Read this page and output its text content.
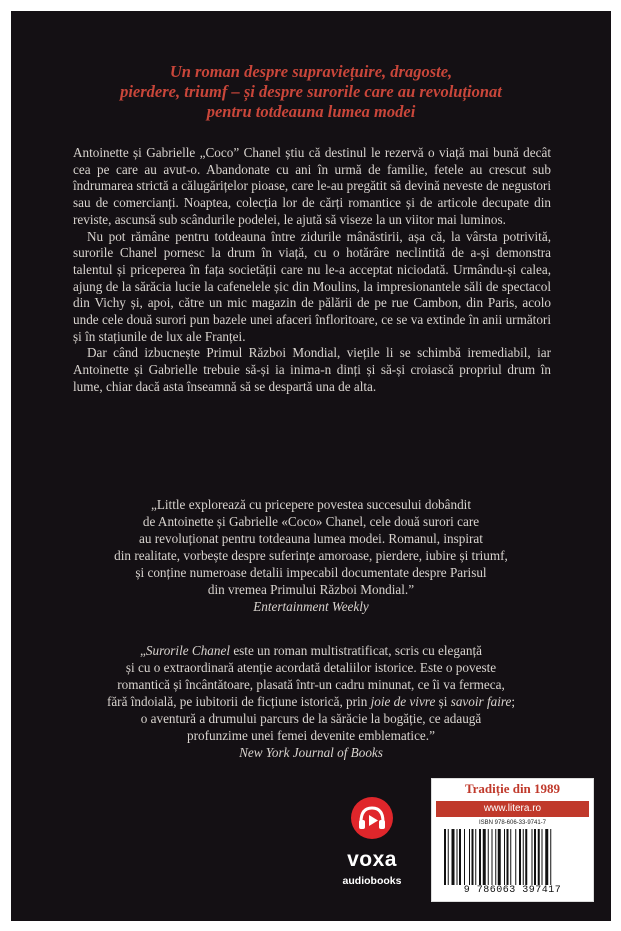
Un roman despre supraviețuire, dragoste,
pierdere, triumf – și despre surorile care au revoluționat
pentru totdeauna lumea modei

Antoinette și Gabrielle „Coco” Chanel știu că destinul le rezervă o viață mai bună decât cea pe care au avut-o. Abandonate cu ani în urmă de familie, fetele au crescut sub îndrumarea strictă a călugărițelor pioase, care le-au pregătit să devină neveste de negustori sau de comercianți. Noaptea, colecția lor de cărți romantice și de articole decupate din reviste, ascunsă sub scândurile podelei, le ajută să viseze la un viitor mai luminos.

Nu pot rămâne pentru totdeauna între zidurile mânăstirii, așa că, la vârsta potrivită, surorile Chanel pornesc la drum în viață, cu o hotărâre neclintită de a-și demonstra talentul și priceperea în fața societății care nu le-a acceptat niciodată. Urmându-și calea, ajung de la sărăcia lucie la cafenelele șic din Moulins, la impresionantele săli de spectacol din Vichy și, apoi, către un mic magazin de pălării de pe rue Cambon, din Paris, acolo unde cele două surori pun bazele unei afaceri înfloritoare, ce se va extinde în anii următori și în stațiunile de lux ale Franței.

Dar când izbucnește Primul Război Mondial, viețile li se schimbă iremediabil, iar Antoinette și Gabrielle trebuie să-și ia inima-n dinți și să-și croiască propriul drum în lume, chiar dacă asta înseamnă să se despartă una de alta.

„Little explorează cu pricepere povestea succesului dobândit
de Antoinette și Gabrielle «Coco» Chanel, cele două surori care
au revoluționat pentru totdeauna lumea modei. Romanul, inspirat
din realitate, vorbește despre suferințe amoroase, pierdere, iubire și triumf,
și conține numeroase detalii impecabil documentate despre Parisul
din vremea Primului Război Mondial.”
Entertainment Weekly
„Surorile Chanel este un roman multistratificat, scris cu eleganță
și cu o extraordinară atenție acordată detaliilor istorice. Este o poveste
romantică și încântătoare, plasată într-un cadru minunat, ce îi va fermeca,
fără îndoială, pe iubitorii de ficțiune istorică, prin joie de vivre și savoir faire;
o aventură a drumului parcurs de la sărăcie la bogăție, ce adaugă
profunzime unei femei devenite emblematice.”
New York Journal of Books
voxa
audiobooks
Tradiție din 1989
www.litera.ro
ISBN 978-606-33-9741-7
9 786063 397417
